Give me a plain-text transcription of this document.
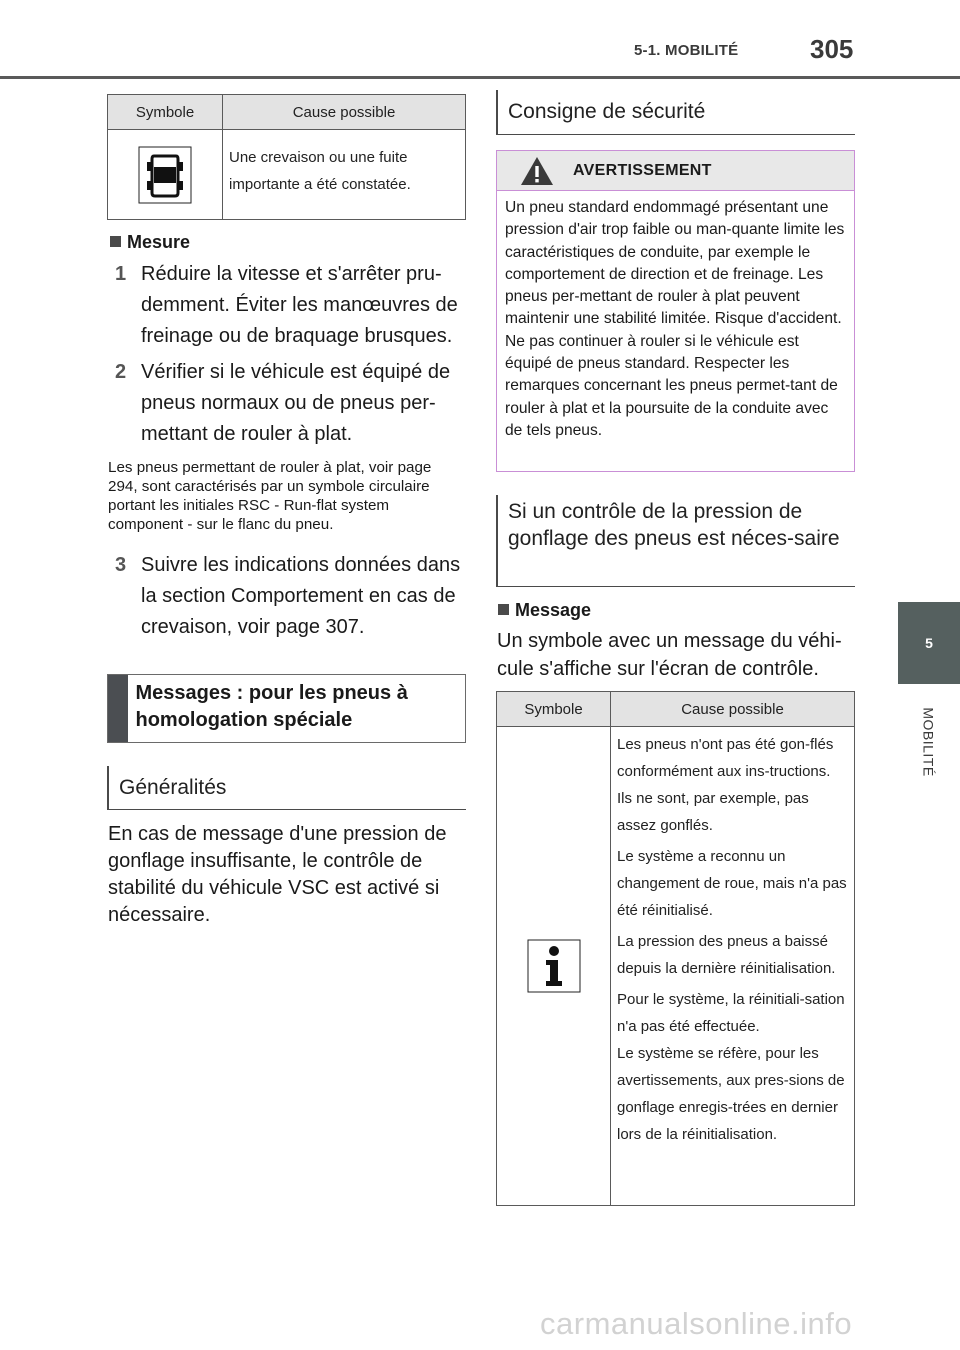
5-1. MOBILITÉ	305
5
MOBILITÉ
Symbole	Cause possible
Une crevaison ou une fuite importante a été constatée.
Mesure
1 Réduire la vitesse et s'arrêter pru-demment. Éviter les manœuvres de freinage ou de braquage brusques.
2 Vérifier si le véhicule est équipé de pneus normaux ou de pneus per-mettant de rouler à plat.
Les pneus permettant de rouler à plat, voir page 294, sont caractérisés par un symbole circulaire portant les initiales RSC - Run-flat system component - sur le flanc du pneu.
3 Suivre les indications données dans la section Comportement en cas de crevaison, voir page 307.
Messages : pour les pneus à homologation spéciale
Généralités
En cas de message d'une pression de gonflage insuffisante, le contrôle de stabilité du véhicule VSC est activé si nécessaire.
Consigne de sécurité
AVERTISSEMENT
Un pneu standard endommagé présentant une pression d'air trop faible ou man-quante limite les caractéristiques de conduite, par exemple le comportement de direction et de freinage. Les pneus per-mettant de rouler à plat peuvent maintenir une stabilité limitée. Risque d'accident. Ne pas continuer à rouler si le véhicule est équipé de pneus standard. Respecter les remarques concernant les pneus permet-tant de rouler à plat et la poursuite de la conduite avec de tels pneus.
Si un contrôle de la pression de gonflage des pneus est néces-saire
Message
Un symbole avec un message du véhi-cule s'affiche sur l'écran de contrôle.
Symbole	Cause possible
Les pneus n'ont pas été gon-flés conformément aux ins-tructions. Ils ne sont, par exemple, pas assez gonflés.
Le système a reconnu un changement de roue, mais n'a pas été réinitialisé.
La pression des pneus a baissé depuis la dernière réinitialisation.
Pour le système, la réinitiali-sation n'a pas été effectuée.
Le système se réfère, pour les avertissements, aux pres-sions de gonflage enregis-trées en dernier lors de la réinitialisation.
carmanualsonline.info
